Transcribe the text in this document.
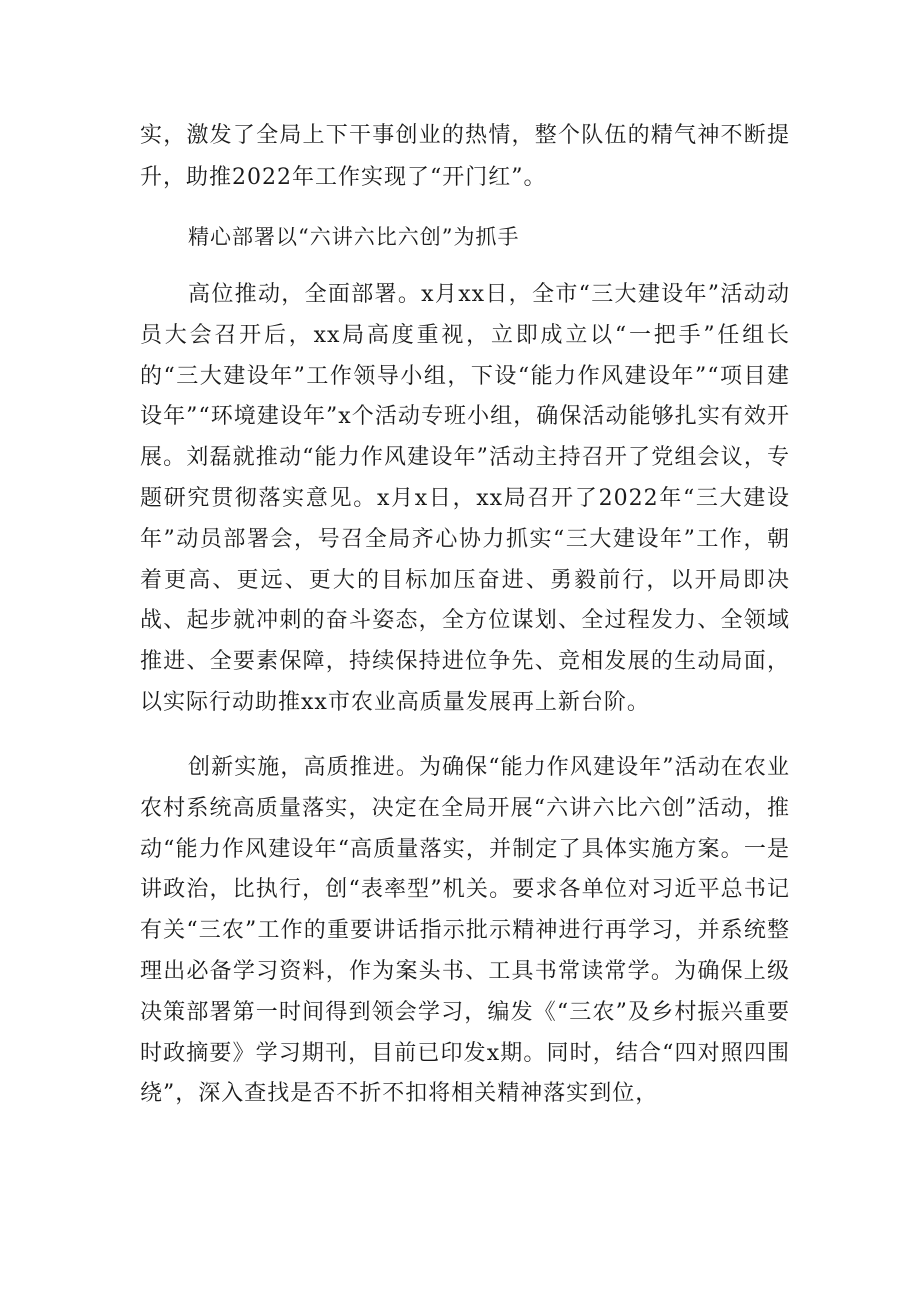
实，激发了全局上下干事创业的热情，整个队伍的精气神不断提升，助推2022年工作实现了“开门红”。

精心部署以“六讲六比六创”为抓手

高位推动，全面部署。x月xx日，全市“三大建设年”活动动员大会召开后，xx局高度重视，立即成立以“一把手”任组长的“三大建设年”工作领导小组，下设“能力作风建设年”“项目建设年”“环境建设年”x个活动专班小组，确保活动能够扎实有效开展。刘磊就推动“能力作风建设年”活动主持召开了党组会议，专题研究贯彻落实意见。x月x日，xx局召开了2022年“三大建设年”动员部署会，号召全局齐心协力抓实“三大建设年”工作，朝着更高、更远、更大的目标加压奋进、勇毅前行，以开局即决战、起步就冲刺的奋斗姿态，全方位谋划、全过程发力、全领域推进、全要素保障，持续保持进位争先、竞相发展的生动局面，以实际行动助推xx市农业高质量发展再上新台阶。

创新实施，高质推进。为确保“能力作风建设年”活动在农业农村系统高质量落实，决定在全局开展“六讲六比六创”活动，推动“能力作风建设年“高质量落实，并制定了具体实施方案。一是讲政治，比执行，创“表率型”机关。要求各单位对习近平总书记有关“三农”工作的重要讲话指示批示精神进行再学习，并系统整理出必备学习资料，作为案头书、工具书常读常学。为确保上级决策部署第一时间得到领会学习，编发《“三农”及乡村振兴重要时政摘要》学习期刊，目前已印发x期。同时，结合“四对照四围绕”，深入查找是否不折不扣将相关精神落实到位，
